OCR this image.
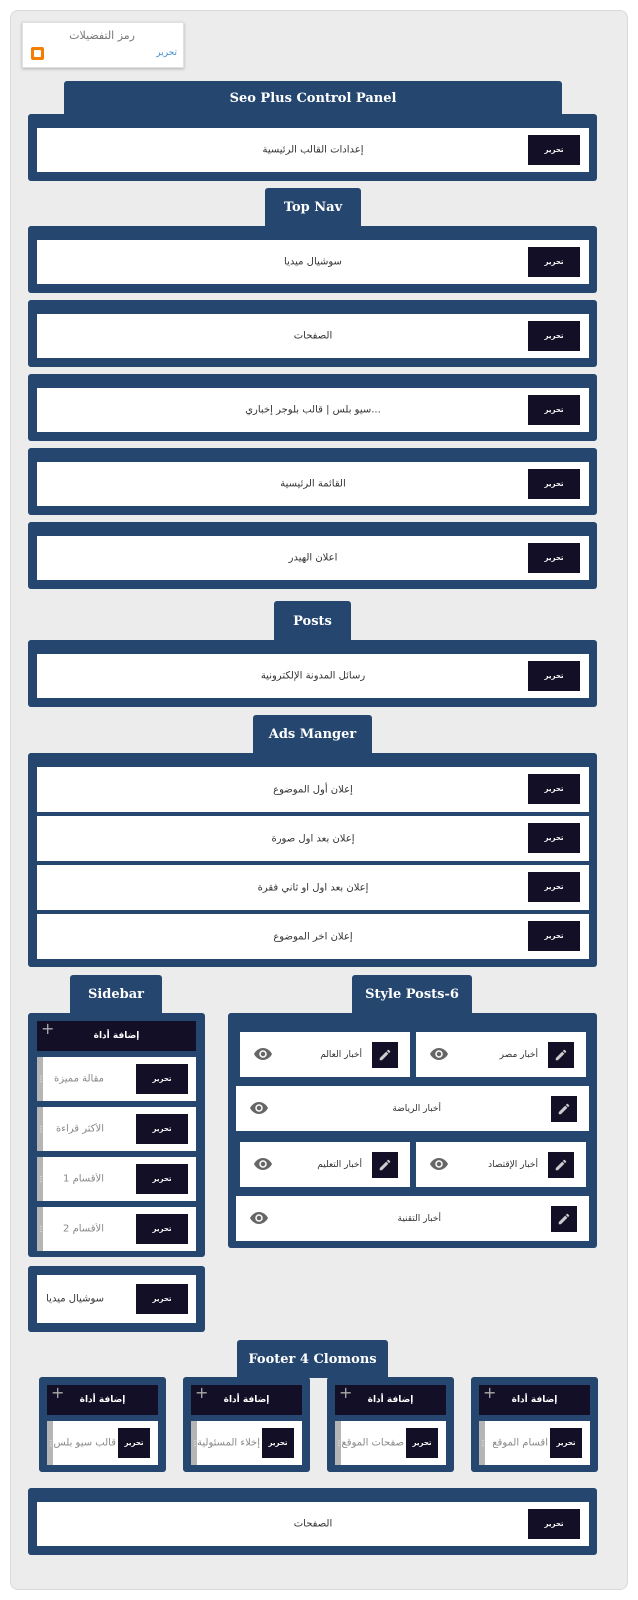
رمز التفضيلات
تحرير
Seo Plus Control Panel
إعدادات القالب الرئيسية	تحرير
Top Nav
سوشيال ميديا	تحرير
الصفحات	تحرير
سيو بلس | قالب بلوجر إخباري...	تحرير
القائمة الرئيسية	تحرير
اعلان الهيدر	تحرير
Posts
رسائل المدونة الإلكترونية	تحرير
Ads Manger
إعلان أول الموضوع	تحرير
إعلان بعد اول صورة	تحرير
إعلان بعد اول او ثاني فقرة	تحرير
إعلان اخر الموضوع	تحرير
Sidebar
+	إضافة أداة
⋮
مقالة مميزة	تحرير
⋮
الأكثر قراءة	تحرير
⋮
الأقسام 1	تحرير
⋮
الأقسام 2	تحرير
سوشيال ميديا	تحرير
Style Posts-6
أخبار مصر
أخبار العالم
أخبار الرياضة
أخبار الإقتصاد
أخبار التعليم
أخبار التقنية
Footer 4 Clomons
+ إضافة أداة
⋮
أقسام الموقع	تحرير
+ إضافة أداة
⋮
صفحات الموقع	تحرير
+ إضافة أداة
⋮
إخلاء المسئولية	تحرير
+ إضافة أداة
⋮
قالب سيو بلس	تحرير
الصفحات	تحرير
